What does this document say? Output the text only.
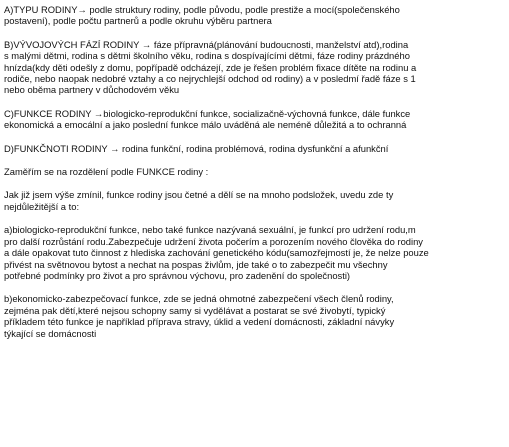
A)TYPU RODINY→ podle struktury rodiny, podle původu, podle prestiže a mocí(společenského
postavení), podle počtu partnerů a podle okruhu výběru partnera

B)VÝVOJOVÝCH FÁZÍ RODINY → fáze přípravná(plánování budoucnosti, manželství atd),rodina
s malými dětmi, rodina s dětmi školního věku, rodina s dospívajícími dětmi, fáze rodiny prázdného
hnízda(kdy děti odešly z domu, popřípadě odcházejí, zde je řešen problém fixace dítěte na rodinu a
rodiče, nebo naopak nedobré vztahy a co nejrychlejší odchod od rodiny) a v posledmí řadě fáze s 1
nebo oběma partnery v důchodovém věku

C)FUNKCE RODINY →biologicko-reprodukční funkce, socializačně-výchovná funkce, dále funkce
ekonomická a emocální a jako poslední funkce málo uváděná ale neméně důležitá a to ochranná

D)FUNKČNOTI RODINY → rodina funkční, rodina problémová, rodina dysfunkční a afunkční

Zaměřím se na rozdělení podle FUNKCE rodiny :

Jak již jsem výše zmínil, funkce rodiny jsou četné a dělí se na mnoho podsložek, uvedu zde ty
nejdůležitější a to:

a)biologicko-reprodukční funkce, nebo také funkce nazývaná sexuální, je funkcí pro udržení rodu,m
pro další rozrůstání rodu.Zabezpečuje udržení života počerím a porozením nového člověka do rodiny
a dále opakovat tuto činnost z hlediska zachování genetického kódu(samozřejmostí je, že nelze pouze
přivést na světnovou bytost a nechat na pospas živlům, jde také o to zabezpečit mu všechny
potřebné podmínky pro život a pro správnou výchovu, pro zadenění do společnosti)

b)ekonomicko-zabezpečovací funkce, zde se jedná ohmotné zabezpečení všech členů rodiny,
zejména pak dětí,které nejsou schopny samy si vydělávat a postarat se své živobytí, typický
příkladem této funkce je například příprava stravy, úklid a vedení domácnosti, základní návyky
týkající se domácnosti
